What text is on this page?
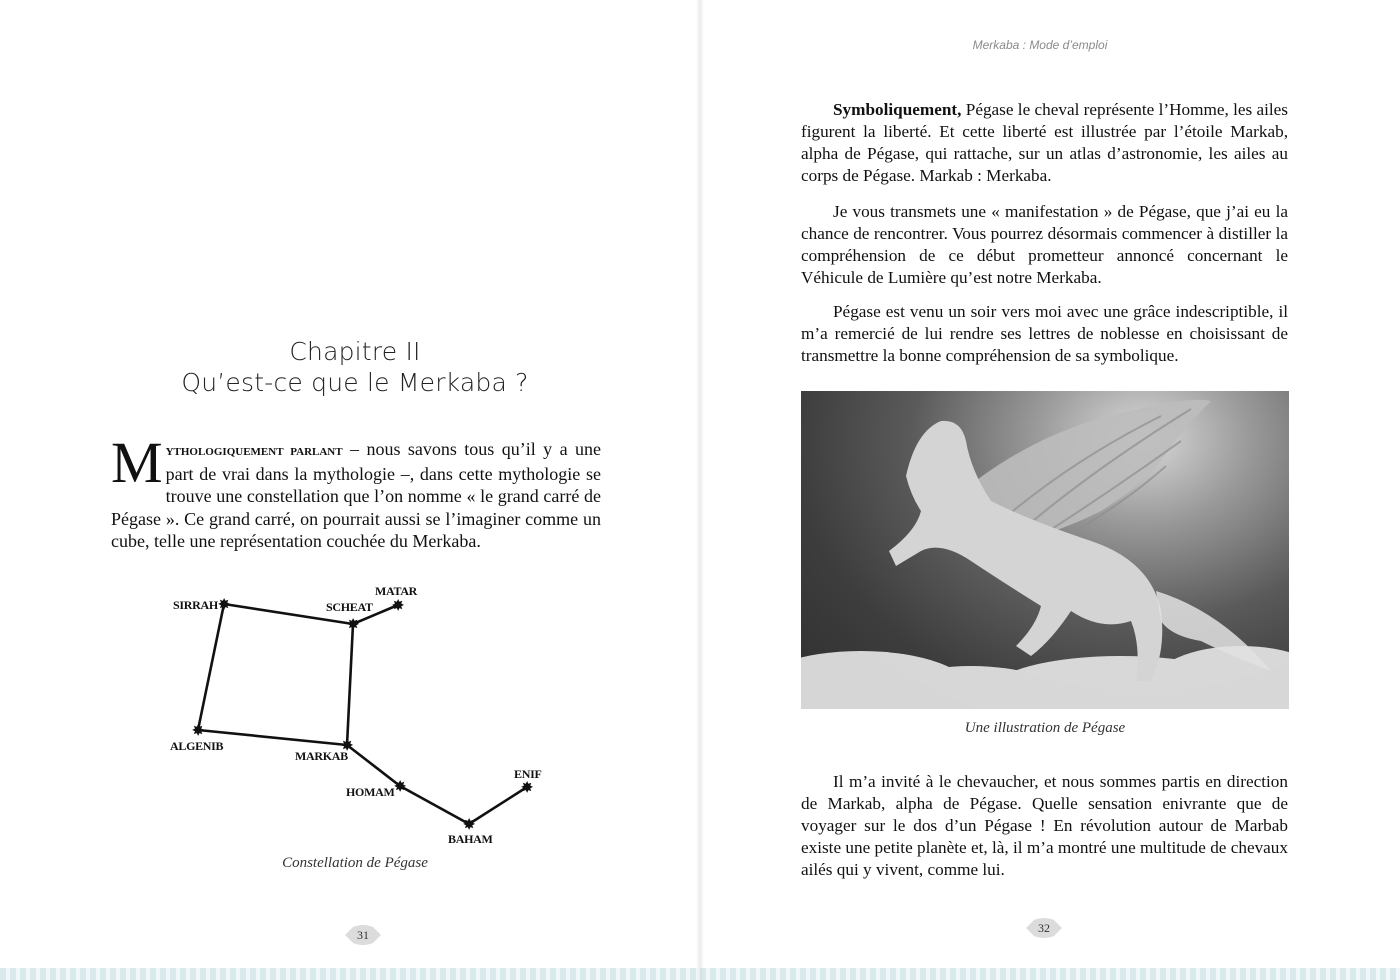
Chapitre II
Qu’est-ce que le Merkaba ?
Mythologiquement parlant – nous savons tous qu’il y a une part de vrai dans la mythologie –, dans cette mythologie se trouve une constellation que l’on nomme « le grand carré de Pégase ». Ce grand carré, on pourrait aussi se l’imaginer comme un cube, telle une représentation couchée du Merkaba.
✸
✸
✸
✸
✸
✸
✸
✸
SIRRAH	SCHEAT
MATAR
ALGENIB
MARKAB
HOMAM
BAHAM
ENIF
Constellation de Pégase
31
Merkaba : Mode d’emploi

Symboliquement, Pégase le cheval représente l’Homme, les ailes figurent la liberté. Et cette liberté est illustrée par l’étoile Markab, alpha de Pégase, qui rattache, sur un atlas d’astronomie, les ailes au corps de Pégase. Markab : Merkaba.

Je vous transmets une « manifestation » de Pégase, que j’ai eu la chance de rencontrer. Vous pourrez désormais commencer à distiller la compréhension de ce début prometteur annoncé concernant le Véhicule de Lumière qu’est notre Merkaba.

Pégase est venu un soir vers moi avec une grâce indescriptible, il m’a remercié de lui rendre ses lettres de noblesse en choisissant de transmettre la bonne compréhension de sa symbolique.

Une illustration de Pégase

Il m’a invité à le chevaucher, et nous sommes partis en direction de Markab, alpha de Pégase. Quelle sensation enivrante que de voyager sur le dos d’un Pégase ! En révolution autour de Marbab existe une petite planète et, là, il m’a montré une multitude de chevaux ailés qui y vivent, comme lui.

32
